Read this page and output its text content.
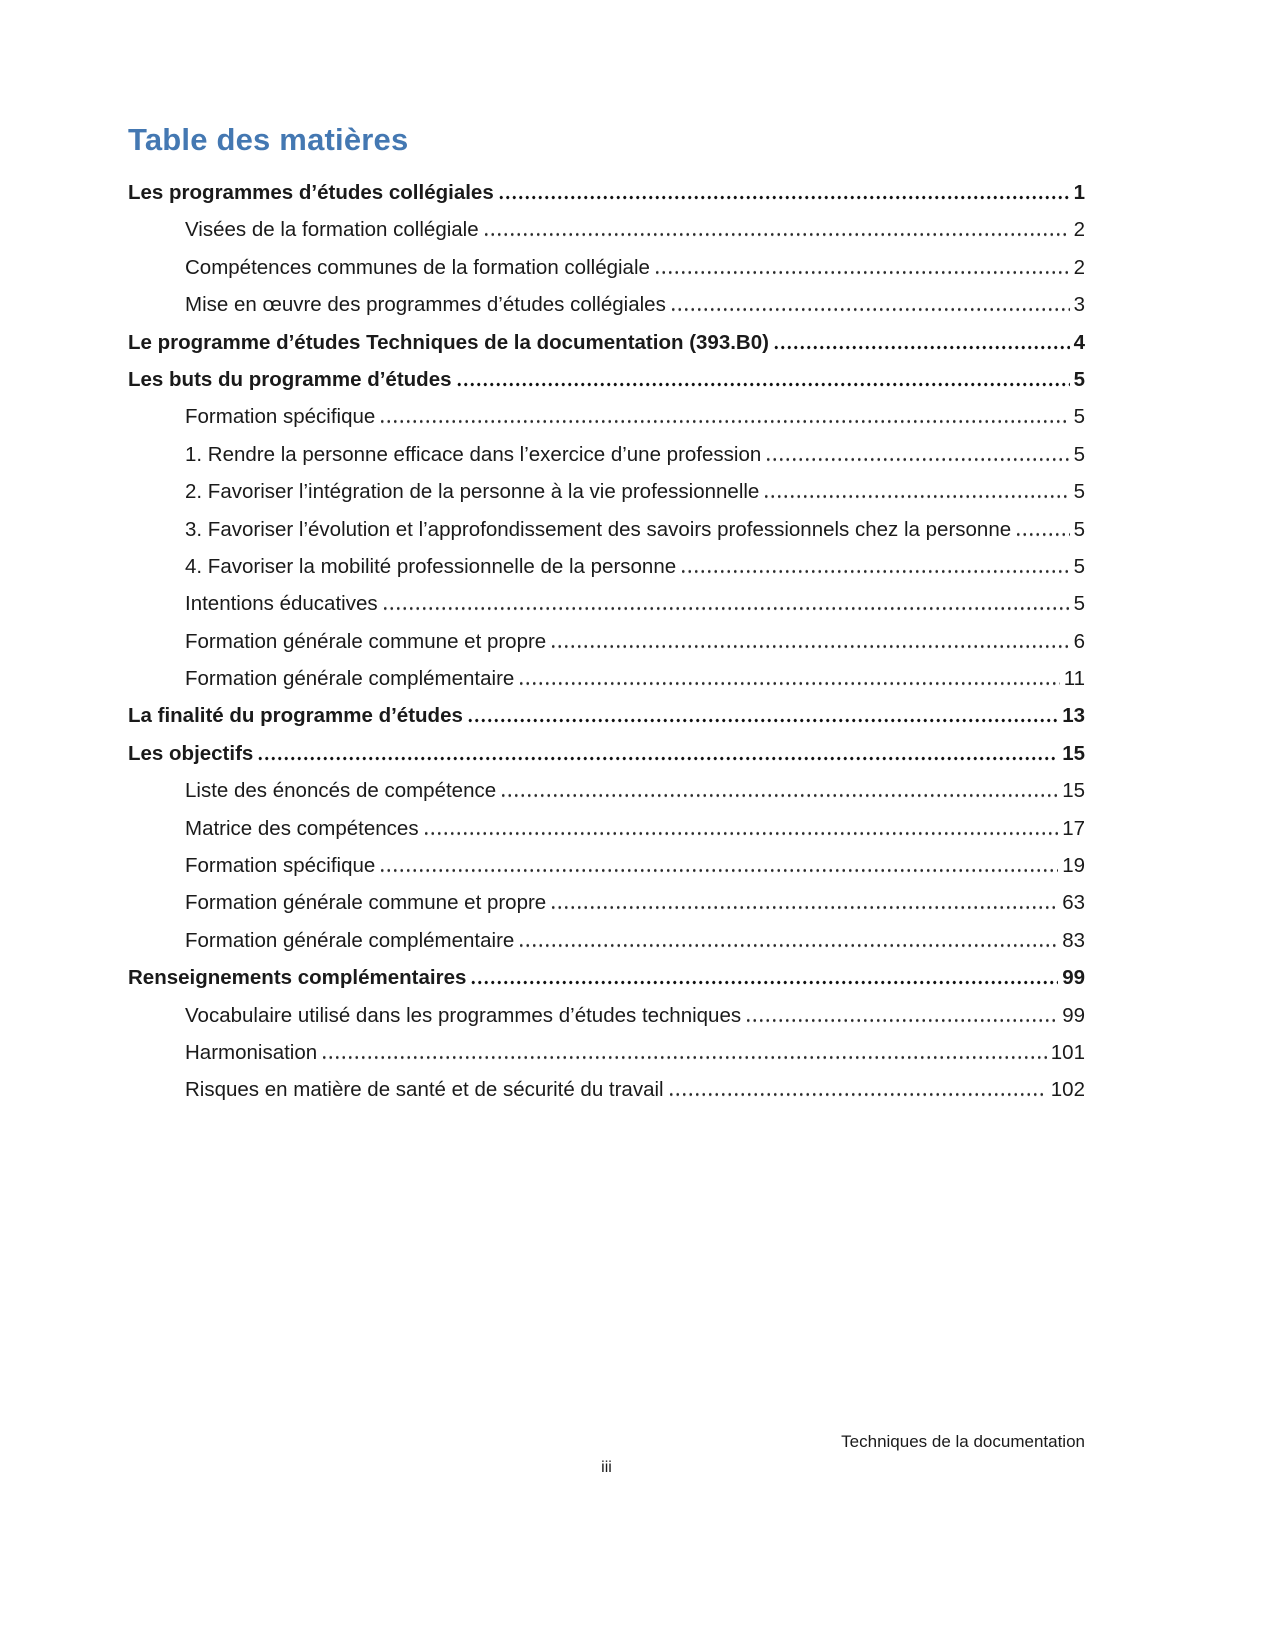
Table des matières
Les programmes d’études collégiales	1
Visées de la formation collégiale	2
Compétences communes de la formation collégiale	2
Mise en œuvre des programmes d’études collégiales	3
Le programme d’études Techniques de la documentation (393.B0)	4
Les buts du programme d’études	5
Formation spécifique	5
1. Rendre la personne efficace dans l’exercice d’une profession	5
2. Favoriser l’intégration de la personne à la vie professionnelle	5
3. Favoriser l’évolution et l’approfondissement des savoirs professionnels chez la personne	5
4. Favoriser la mobilité professionnelle de la personne	5
Intentions éducatives	5
Formation générale commune et propre	6
Formation générale complémentaire	11
La finalité du programme d’études	13
Les objectifs	15
Liste des énoncés de compétence	15
Matrice des compétences	17
Formation spécifique	19
Formation générale commune et propre	63
Formation générale complémentaire	83
Renseignements complémentaires	99
Vocabulaire utilisé dans les programmes d’études techniques	99
Harmonisation	101
Risques en matière de santé et de sécurité du travail	102
Techniques de la documentation
iii
